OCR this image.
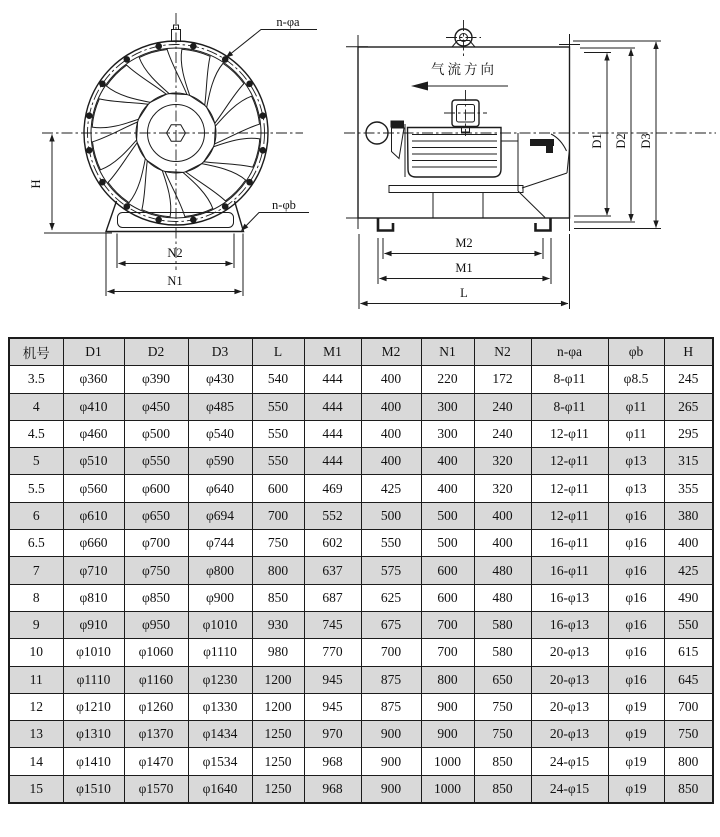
H
N2
N1
n-φa
n-φb
气流方向
D1 D2 D3
M2
M1
L
机号	D1	D2	D3	L	M1	M2	N1	N2	n-φa	φb	H
3.5	φ360	φ390	φ430	540	444	400	220	172	8-φ11	φ8.5	245
4	φ410	φ450	φ485	550	444	400	300	240	8-φ11	φ11	265
4.5	φ460	φ500	φ540	550	444	400	300	240	12-φ11	φ11	295
5	φ510	φ550	φ590	550	444	400	400	320	12-φ11	φ13	315
5.5	φ560	φ600	φ640	600	469	425	400	320	12-φ11	φ13	355
6	φ610	φ650	φ694	700	552	500	500	400	12-φ11	φ16	380
6.5	φ660	φ700	φ744	750	602	550	500	400	16-φ11	φ16	400
7	φ710	φ750	φ800	800	637	575	600	480	16-φ11	φ16	425
8	φ810	φ850	φ900	850	687	625	600	480	16-φ13	φ16	490
9	φ910	φ950	φ1010	930	745	675	700	580	16-φ13	φ16	550
10	φ1010	φ1060	φ1110	980	770	700	700	580	20-φ13	φ16	615
11	φ1110	φ1160	φ1230	1200	945	875	800	650	20-φ13	φ16	645
12	φ1210	φ1260	φ1330	1200	945	875	900	750	20-φ13	φ19	700
13	φ1310	φ1370	φ1434	1250	970	900	900	750	20-φ13	φ19	750
14	φ1410	φ1470	φ1534	1250	968	900	1000	850	24-φ15	φ19	800
15	φ1510	φ1570	φ1640	1250	968	900	1000	850	24-φ15	φ19	850
